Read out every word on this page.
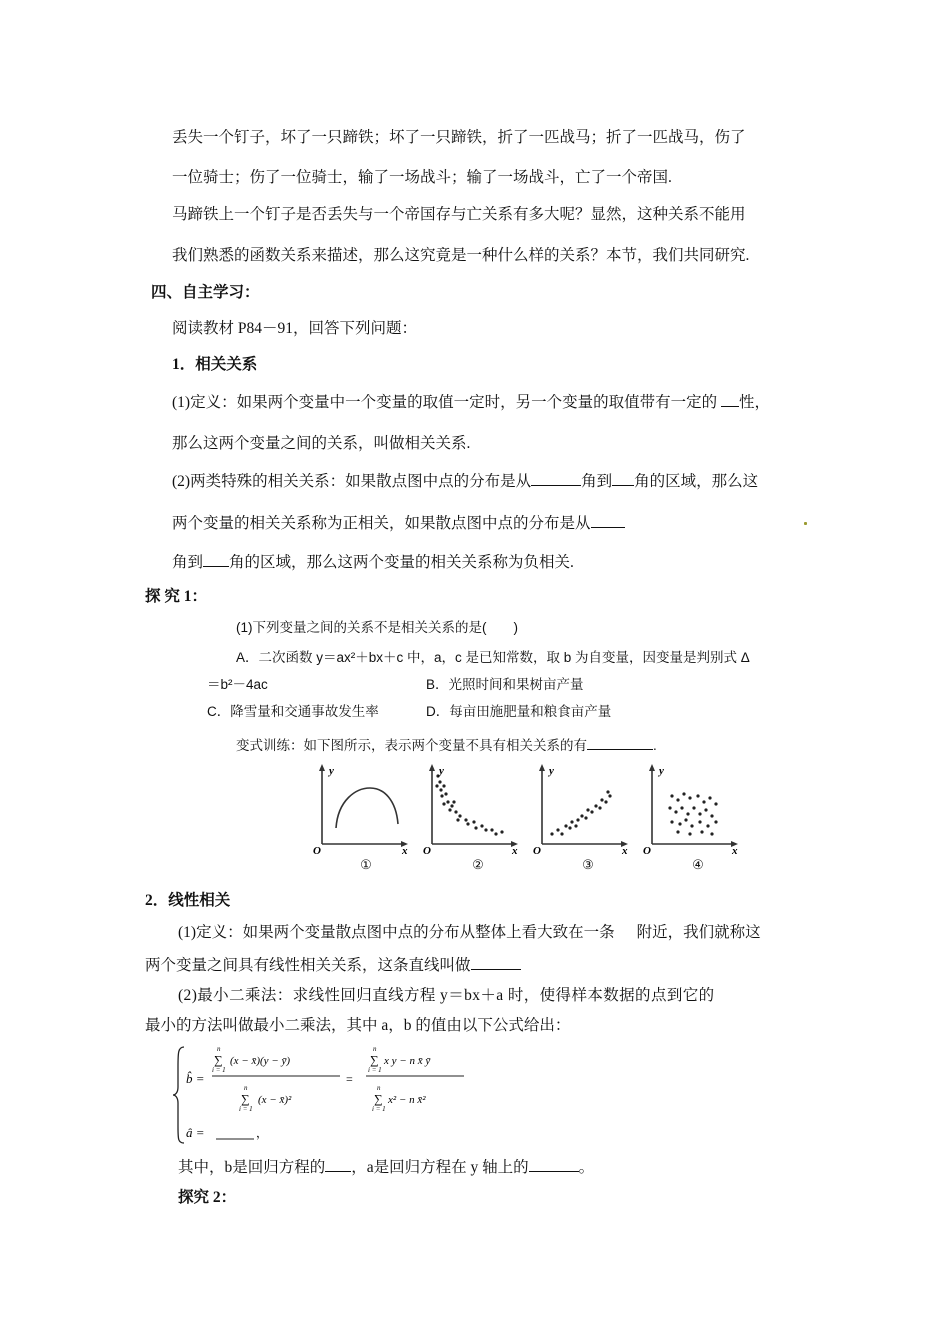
丢失一个钉子，坏了一只蹄铁；坏了一只蹄铁，折了一匹战马；折了一匹战马，伤了
一位骑士；伤了一位骑士，输了一场战斗；输了一场战斗，亡了一个帝国.
马蹄铁上一个钉子是否丢失与一个帝国存与亡关系有多大呢？显然，这种关系不能用
我们熟悉的函数关系来描述，那么这究竟是一种什么样的关系？本节，我们共同研究.
四、自主学习：
阅读教材 P84－91，回答下列问题：
1．相关关系
(1)定义：如果两个变量中一个变量的取值一定时，另一个变量的取值带有一定的 性，
那么这两个变量之间的关系，叫做相关关系.
(2)两类特殊的相关关系：如果散点图中点的分布是从	角到 角的区域，那么这
两个变量的相关关系称为正相关，如果散点图中点的分布是从
角到 角的区域，那么这两个变量的相关关系称为负相关.
探 究 1：
(1)下列变量之间的关系不是相关关系的是(　　)
A．二次函数 y＝ax²＋bx＋c 中，a，c 是已知常数，取 b 为自变量，因变量是判别式 Δ
＝b²－4ac	B．光照时间和果树亩产量
C．降雪量和交通事故发生率	D．每亩田施肥量和粮食亩产量
变式训练：如下图所示，表示两个变量不具有相关关系的有	.
y
x
O
①
y
x
O
②
y
x
O
③
y
x
O
④
2．线性相关
(1)定义：如果两个变量散点图中点的分布从整体上看大致在一条 附近，我们就称这
两个变量之间具有线性相关关系，这条直线叫做
(2)最小二乘法：求线性回归直线方程 y＝bx＋a 时，使得样本数据的点到它的
最小的方法叫做最小二乘法，其中 a，b 的值由以下公式给出：
b̂ =
n
∑
i = 1
(x − x̄)(y − ȳ)
n
∑
i = 1
(x − x̄)²
=
n
∑
i = 1
x y − n x̄ ȳ
n
∑
i = 1
x² − n x̄²
â =	，
其中，b是回归方程的 ，a是回归方程在 y 轴上的	。
探究 2：
